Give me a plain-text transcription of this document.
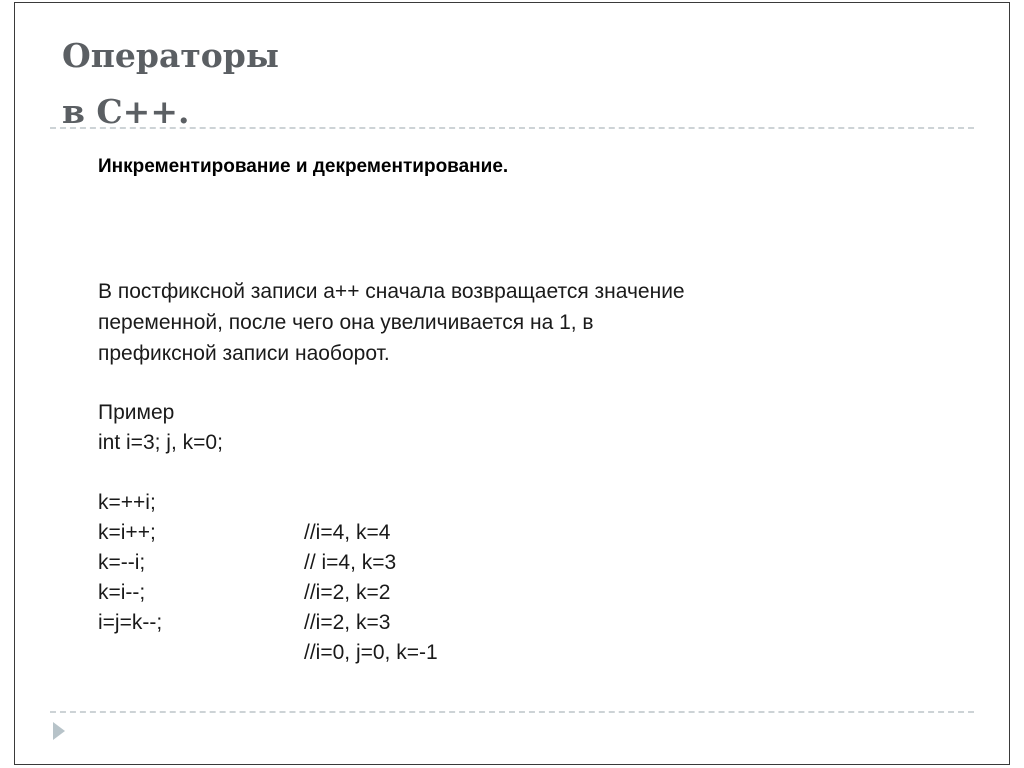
Операторы
в С++.
Инкрементирование и декрементирование.
В постфиксной записи a++ сначала возвращается значение
переменной, после чего она увеличивается на 1, в
префиксной записи наоборот.
Пример
int i=3; j, k=0;

k=++i;

//i=4, k=4

k=i++;

// i=4, k=3

k=--i;

//i=2, k=2

k=i--;

//i=2, k=3

i=j=k--;

//i=0, j=0, k=-1
